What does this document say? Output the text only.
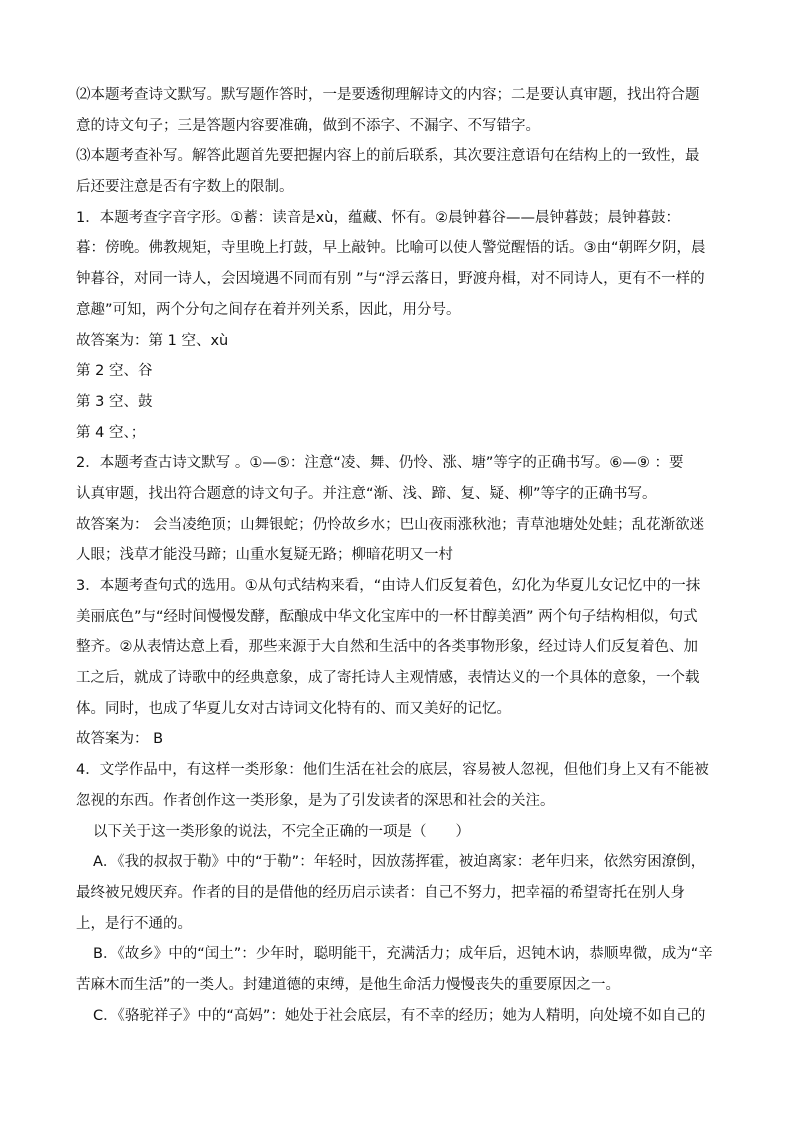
⑵本题考查诗文默写。默写题作答时，一是要透彻理解诗文的内容；二是要认真审题，找出符合题
意的诗文句子；三是答题内容要准确，做到不添字、不漏字、不写错字。
⑶本题考查补写。解答此题首先要把握内容上的前后联系，其次要注意语句在结构上的一致性，最
后还要注意是否有字数上的限制。
1．本题考查字音字形。①蓄：读音是xù，蕴藏、怀有。②晨钟暮谷——晨钟暮鼓；晨钟暮鼓：
暮：傍晚。佛教规矩，寺里晚上打鼓，早上敲钟。比喻可以使人警觉醒悟的话。③由“朝晖夕阴，晨
钟暮谷，对同一诗人，会因境遇不同而有别 ”与“浮云落日，野渡舟楫，对不同诗人，更有不一样的
意趣”可知，两个分句之间存在着并列关系，因此，用分号。
故答案为：第 1 空、xù
第 2 空、谷
第 3 空、鼓
第 4 空、；
2．本题考查古诗文默写 。①—⑤：注意“凌、舞、仍怜、涨、塘”等字的正确书写。⑥—⑨ ：要
认真审题，找出符合题意的诗文句子。并注意“渐、浅、蹄、复、疑、柳”等字的正确书写。
故答案为： 会当凌绝顶；山舞银蛇；仍怜故乡水；巴山夜雨涨秋池；青草池塘处处蛙；乱花渐欲迷
人眼；浅草才能没马蹄；山重水复疑无路；柳暗花明又一村
3．本题考查句式的选用。①从句式结构来看，“由诗人们反复着色，幻化为华夏儿女记忆中的一抹
美丽底色”与“经时间慢慢发酵，酝酿成中华文化宝库中的一杯甘醇美酒” 两个句子结构相似，句式
整齐。②从表情达意上看，那些来源于大自然和生活中的各类事物形象，经过诗人们反复着色、加
工之后，就成了诗歌中的经典意象，成了寄托诗人主观情感，表情达义的一个具体的意象，一个载
体。同时，也成了华夏儿女对古诗词文化特有的、而又美好的记忆。
故答案为： B
4．文学作品中，有这样一类形象：他们生活在社会的底层，容易被人忽视，但他们身上又有不能被
忽视的东西。作者创作这一类形象，是为了引发读者的深思和社会的关注。
以下关于这一类形象的说法，不完全正确的一项是（　　）
A．《我的叔叔于勒》中的“于勒”：年轻时，因放荡挥霍，被迫离家：老年归来，依然穷困潦倒，
最终被兄嫂厌弃。作者的目的是借他的经历启示读者：自己不努力，把幸福的希望寄托在别人身
上，是行不通的。
B．《故乡》中的“闰土”：少年时，聪明能干，充满活力；成年后，迟钝木讷，恭顺卑微，成为“辛
苦麻木而生活”的一类人。封建道德的束缚，是他生命活力慢慢丧失的重要原因之一。
C．《骆驼祥子》中的“高妈”：她处于社会底层，有不幸的经历；她为人精明，向处境不如自己的
